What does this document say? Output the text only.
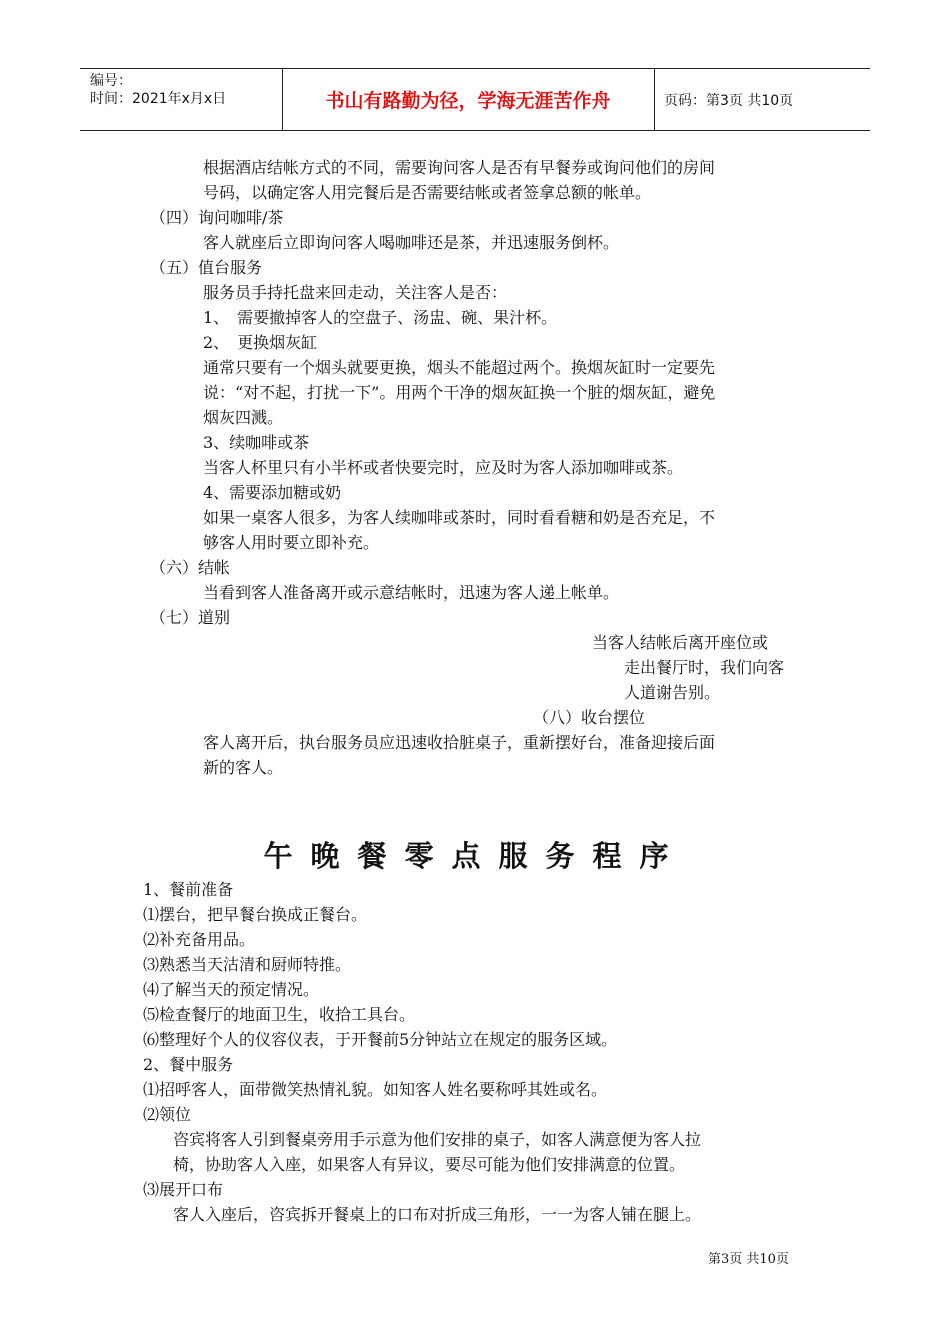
编号：
时间：2021年x月x日	书山有路勤为径，学海无涯苦作舟	页码：第3页 共10页
根据酒店结帐方式的不同，需要询问客人是否有早餐券或询问他们的房间
号码，以确定客人用完餐后是否需要结帐或者签拿总额的帐单。
（四）询问咖啡/茶
客人就座后立即询问客人喝咖啡还是茶，并迅速服务倒杯。
（五）值台服务
服务员手持托盘来回走动，关注客人是否：
1、　需要撤掉客人的空盘子、汤盅、碗、果汁杯。
2、　更换烟灰缸
通常只要有一个烟头就要更换，烟头不能超过两个。换烟灰缸时一定要先
说：“对不起，打扰一下”。用两个干净的烟灰缸换一个脏的烟灰缸，避免
烟灰四溅。
3、续咖啡或茶
当客人杯里只有小半杯或者快要完时，应及时为客人添加咖啡或茶。
4、需要添加糖或奶
如果一桌客人很多，为客人续咖啡或茶时，同时看看糖和奶是否充足，不
够客人用时要立即补充。
（六）结帐
当看到客人准备离开或示意结帐时，迅速为客人递上帐单。
（七）道别
当客人结帐后离开座位或
走出餐厅时，我们向客
人道谢告别。
（八）收台摆位
客人离开后，执台服务员应迅速收拾脏桌子，重新摆好台，准备迎接后面
新的客人。
午晚餐零点服务程序
1、餐前准备
⑴摆台，把早餐台换成正餐台。
⑵补充备用品。
⑶熟悉当天沽清和厨师特推。
⑷了解当天的预定情况。
⑸检查餐厅的地面卫生，收拾工具台。
⑹整理好个人的仪容仪表，于开餐前5分钟站立在规定的服务区域。
2、餐中服务
⑴招呼客人，面带微笑热情礼貌。如知客人姓名要称呼其姓或名。
⑵领位
咨宾将客人引到餐桌旁用手示意为他们安排的桌子，如客人满意便为客人拉
椅，协助客人入座，如果客人有异议，要尽可能为他们安排满意的位置。
⑶展开口布
客人入座后，咨宾拆开餐桌上的口布对折成三角形，一一为客人铺在腿上。
第3页 共10页
